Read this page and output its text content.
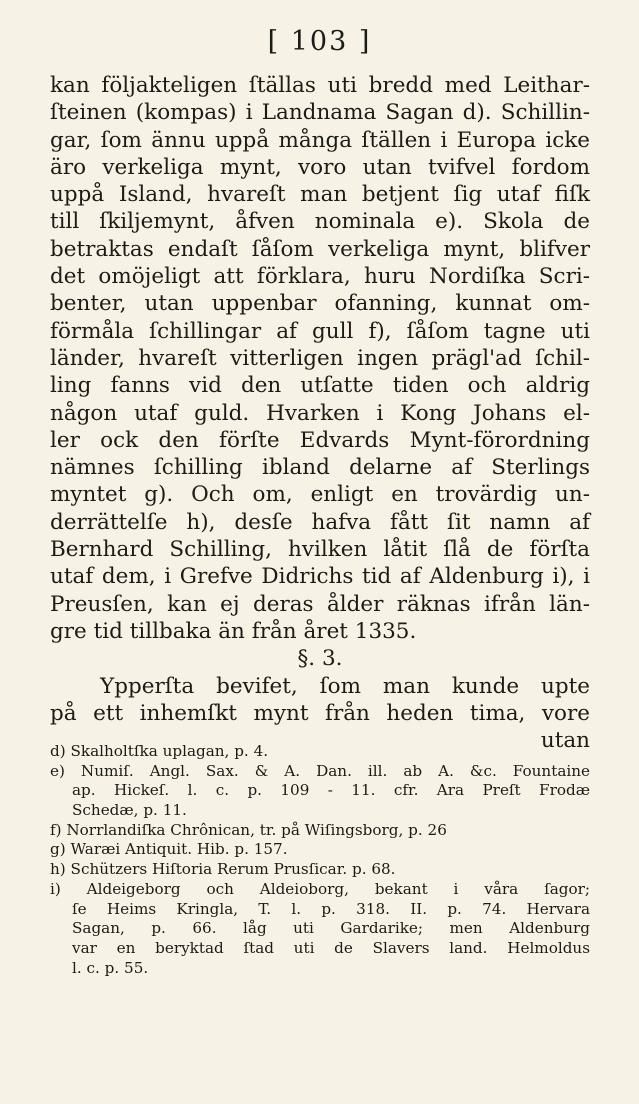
[ 103 ]
kan följakteligen ſtällas uti bredd med Leithar-
ſteinen (kompas) i Landnama Sagan d). Schillin-
gar, ſom ännu uppå många ſtällen i Europa icke
äro verkeliga mynt, voro utan tvifvel fordom
uppå Island, hvareſt man betjent ſig utaf fiſk
till ſkiljemynt, åfven nominala e). Skola de
betraktas endaſt ſåſom verkeliga mynt, blifver
det omöjeligt att förklara, huru Nordiſka Scri-
benter, utan uppenbar ofanning, kunnat om-
förmåla ſchillingar af gull f), ſåſom tagne uti
länder, hvareſt vitterligen ingen prägl'ad ſchil-
ling fanns vid den utſatte tiden och aldrig
någon utaf guld. Hvarken i Kong Johans el-
ler ock den förſte Edvards Mynt-förordning
nämnes ſchilling ibland delarne af Sterlings
myntet g). Och om, enligt en trovärdig un-
derrättelſe h), desſe hafva fått ſit namn af
Bernhard Schilling, hvilken låtit ſlå de förſta
utaf dem, i Grefve Didrichs tid af Aldenburg i), i
Preusſen, kan ej deras ålder räknas ifrån län-
gre tid tillbaka än från året 1335.
§. 3.
Ypperſta bevifet, ſom man kunde upte
på ett inhemſkt mynt från heden tima, vore
utan
d) Skalholtſka uplagan, p. 4.
e) Numiſ. Angl. Sax. & A. Dan. ill. ab A. &c. Fountaine
ap. Hickeſ. l. c. p. 109 - 11. cfr. Ara Preſt Frodæ
Schedæ, p. 11.
f) Norrlandiſka Chrônican, tr. på Wiſingsborg, p. 26
g) Waræi Antiquit. Hib. p. 157.
h) Schützers Hiſtoria Rerum Prusſicar. p. 68.
i) Aldeigeborg och Aldeioborg, bekant i våra ſagor;
ſe Heims Kringla, T. l. p. 318. II. p. 74. Hervara
Sagan, p. 66. låg uti Gardarike; men Aldenburg
var en beryktad ſtad uti de Slavers land. Helmoldus
l. c. p. 55.
